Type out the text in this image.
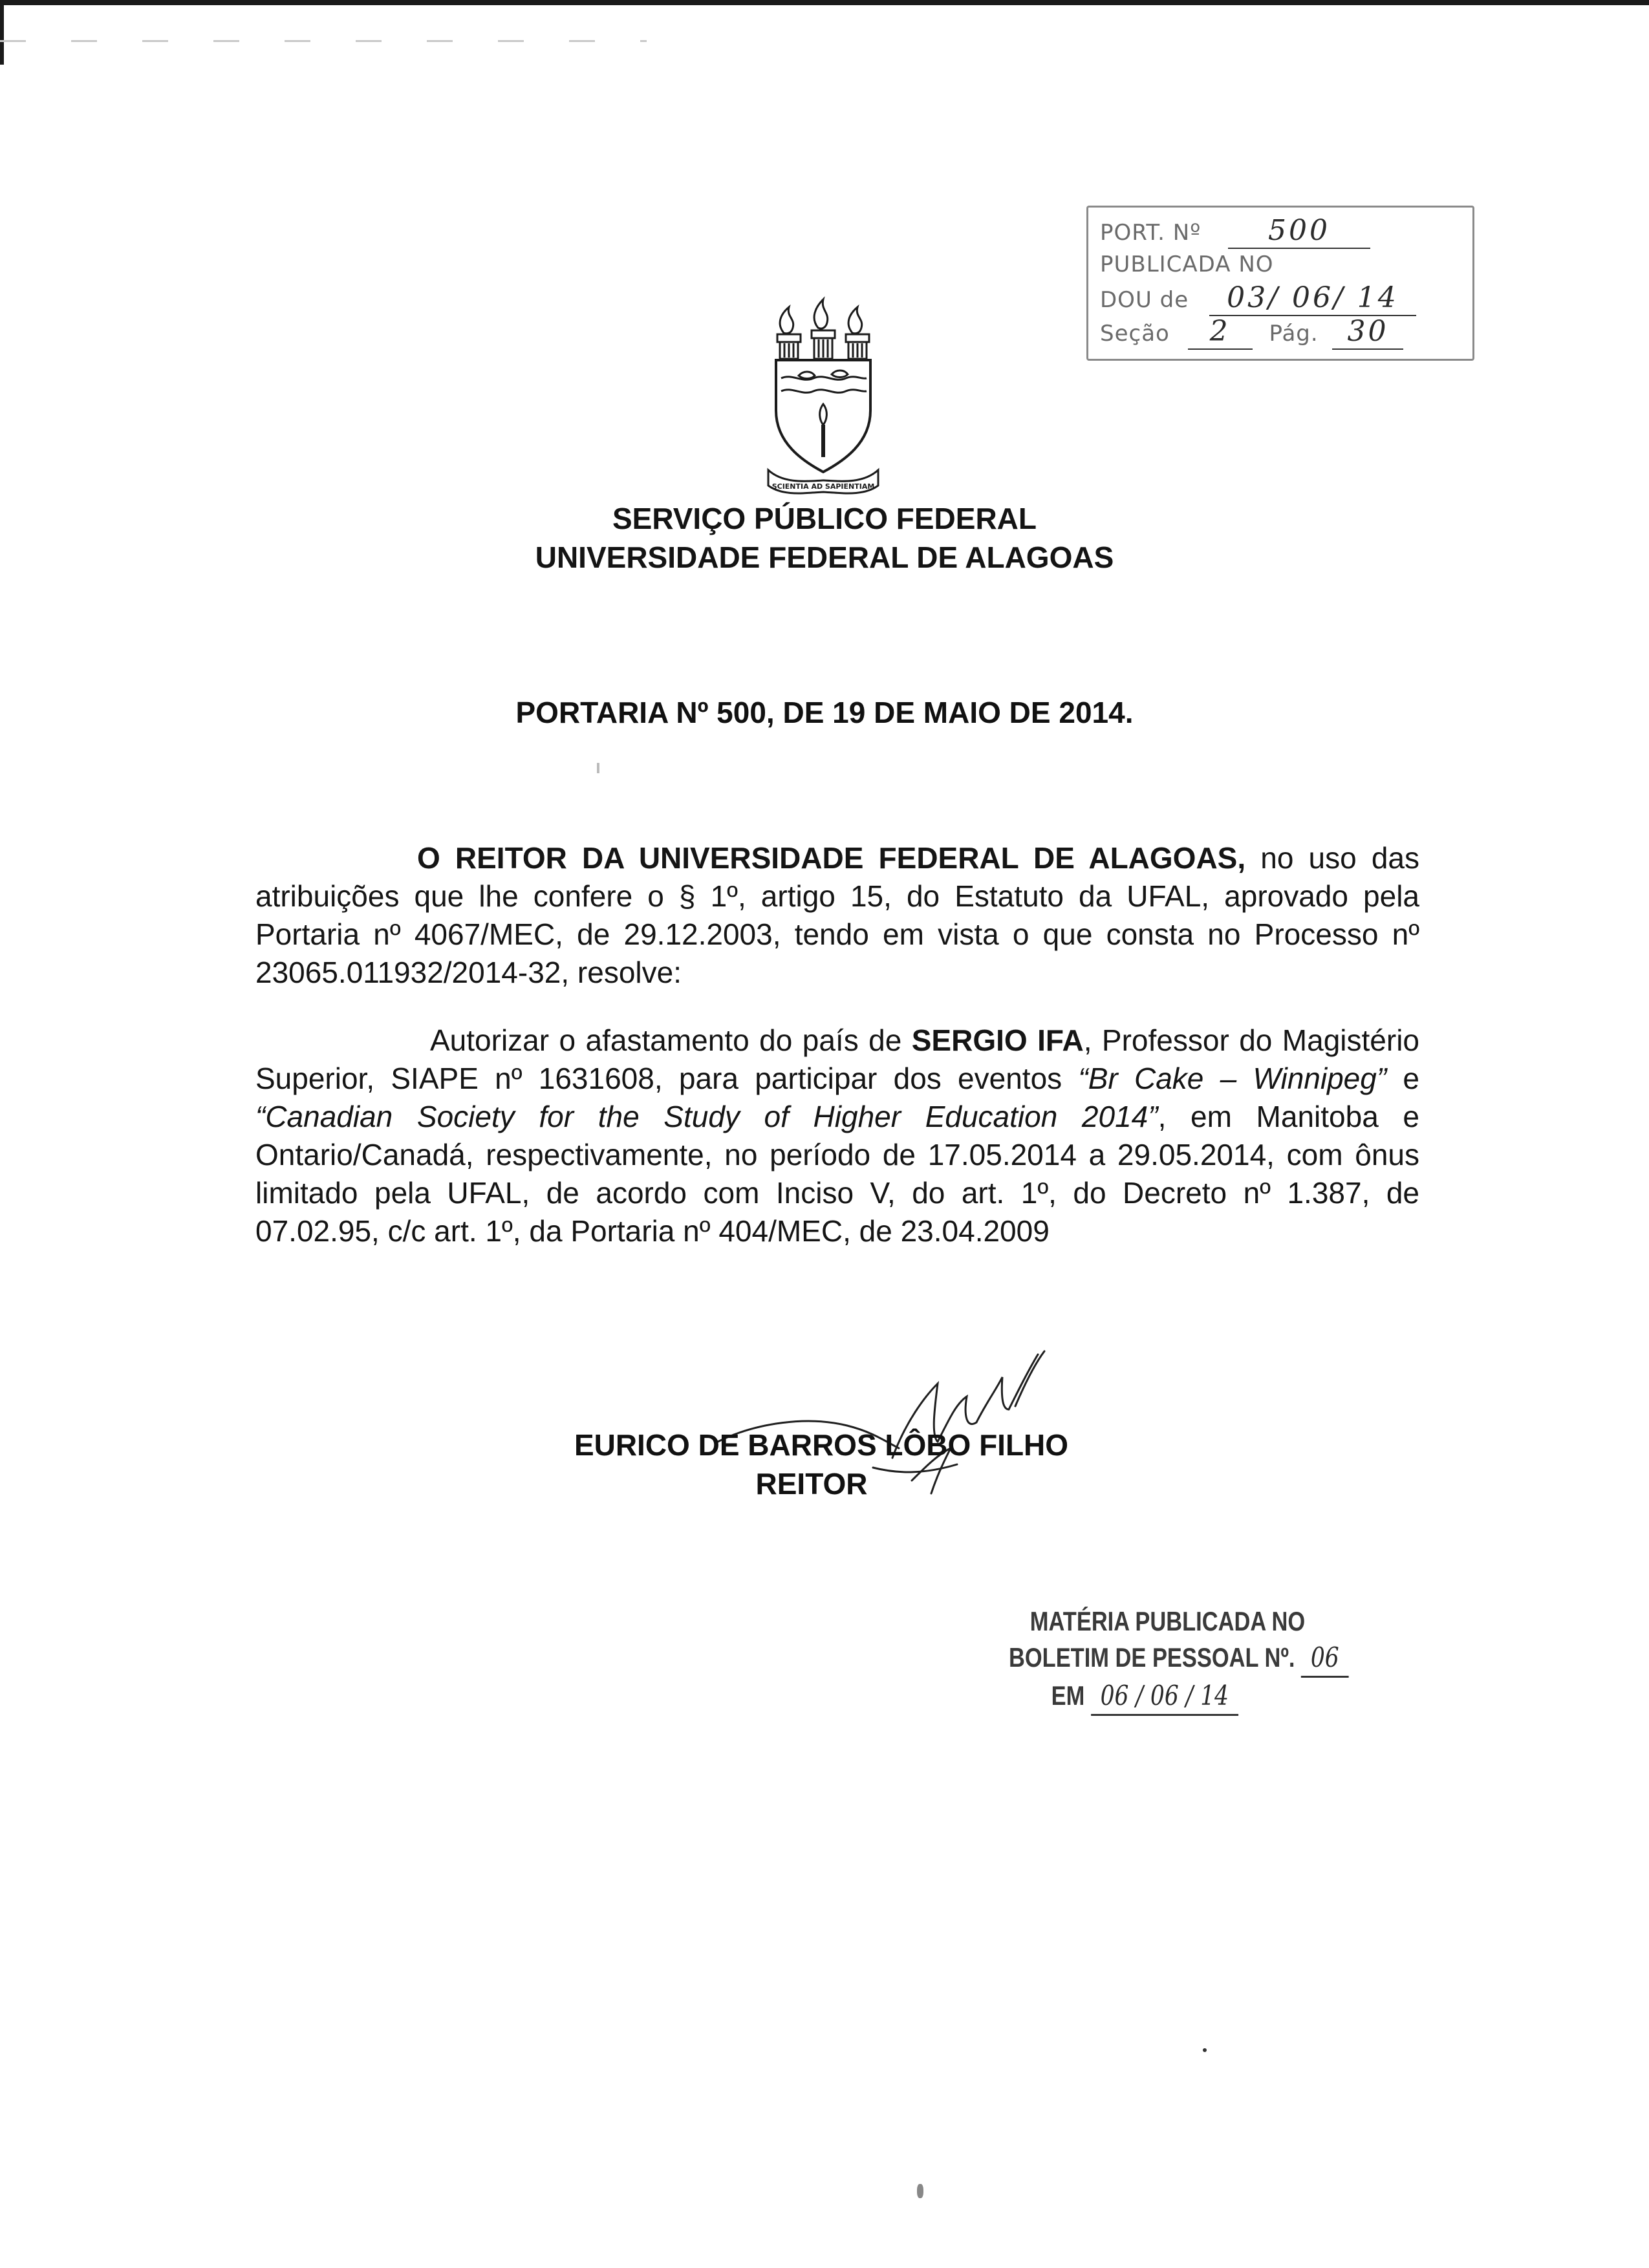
PORT. Nº 500
PUBLICADA NO
DOU de 03/ 06/ 14
Seção 2 Pág. 30
SCIENTIA AD SAPIENTIAM
SERVIÇO PÚBLICO FEDERAL
UNIVERSIDADE FEDERAL DE ALAGOAS
PORTARIA Nº 500, DE 19 DE MAIO DE 2014.
O REITOR DA UNIVERSIDADE FEDERAL DE ALAGOAS, no uso das atribuições que lhe confere o § 1º, artigo 15, do Estatuto da UFAL, aprovado pela Portaria nº 4067/MEC, de 29.12.2003, tendo em vista o que consta no Processo nº 23065.011932/2014-32, resolve:
Autorizar o afastamento do país de SERGIO IFA, Professor do Magistério Superior, SIAPE nº 1631608, para participar dos eventos “Br Cake – Winnipeg” e “Canadian Society for the Study of Higher Education 2014”, em Manitoba e Ontario/Canadá, respectivamente, no período de 17.05.2014 a 29.05.2014, com ônus limitado pela UFAL, de acordo com Inciso V, do art. 1º, do Decreto nº 1.387, de 07.02.95, c/c art. 1º, da Portaria nº 404/MEC, de 23.04.2009
EURICO DE BARROS LÔBO FILHO
REITOR
MATÉRIA PUBLICADA NO
BOLETIM DE PESSOAL Nº. 06
EM 06 / 06 / 14
